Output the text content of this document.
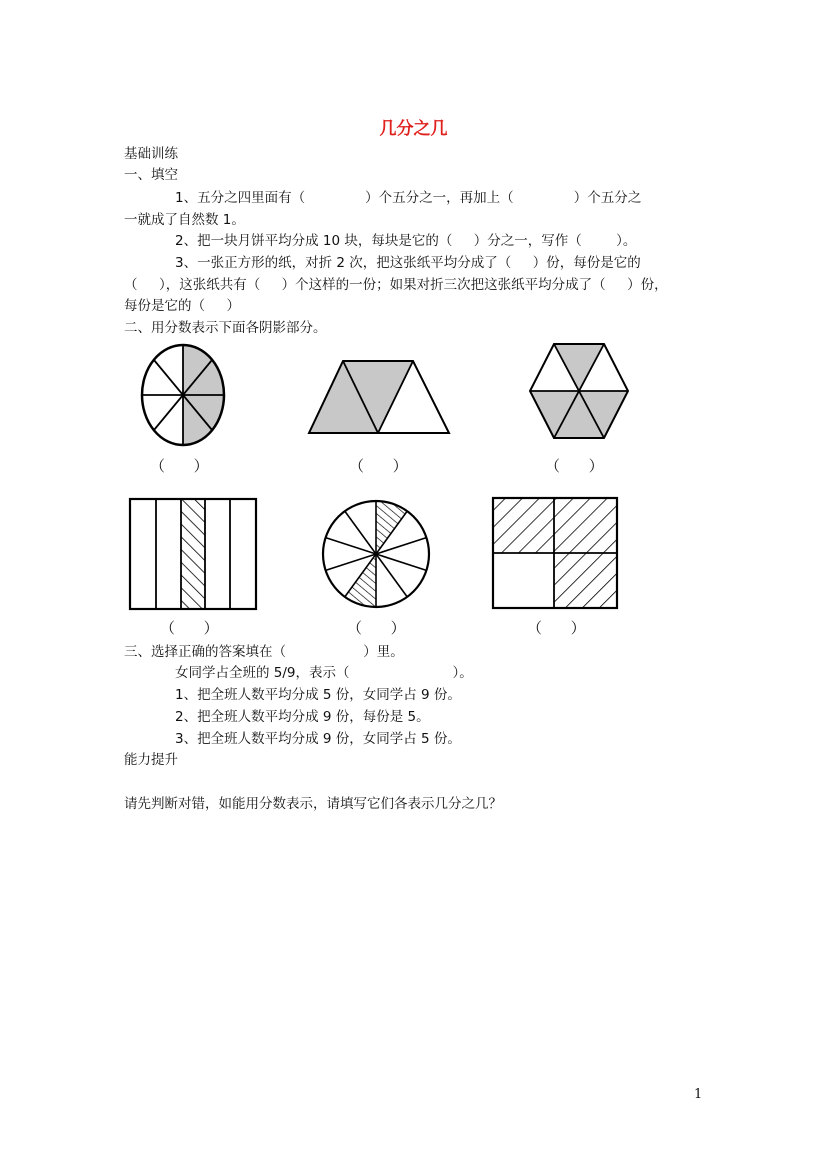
几分之几
基础训练
一、填空
1、五分之四里面有（              ）个五分之一，再加上（              ）个五分之
一就成了自然数 1。
2、把一块月饼平均分成 10 块，每块是它的（     ）分之一，写作（        ）。
3、一张正方形的纸，对折 2 次，把这张纸平均分成了（     ）份，每份是它的
（     ），这张纸共有（     ）个这样的一份；如果对折三次把这张纸平均分成了（     ）份，
每份是它的（     ）
二、用分数表示下面各阴影部分。
（      ）	（      ）	（      ）
（      ）	（      ）	（      ）
三、选择正确的答案填在（                  ）里。
女同学占全班的 5/9，表示（                        ）。
1、把全班人数平均分成 5 份，女同学占 9 份。
2、把全班人数平均分成 9 份，每份是 5。
3、把全班人数平均分成 9 份，女同学占 5 份。
能力提升
请先判断对错，如能用分数表示，请填写它们各表示几分之几？
1
